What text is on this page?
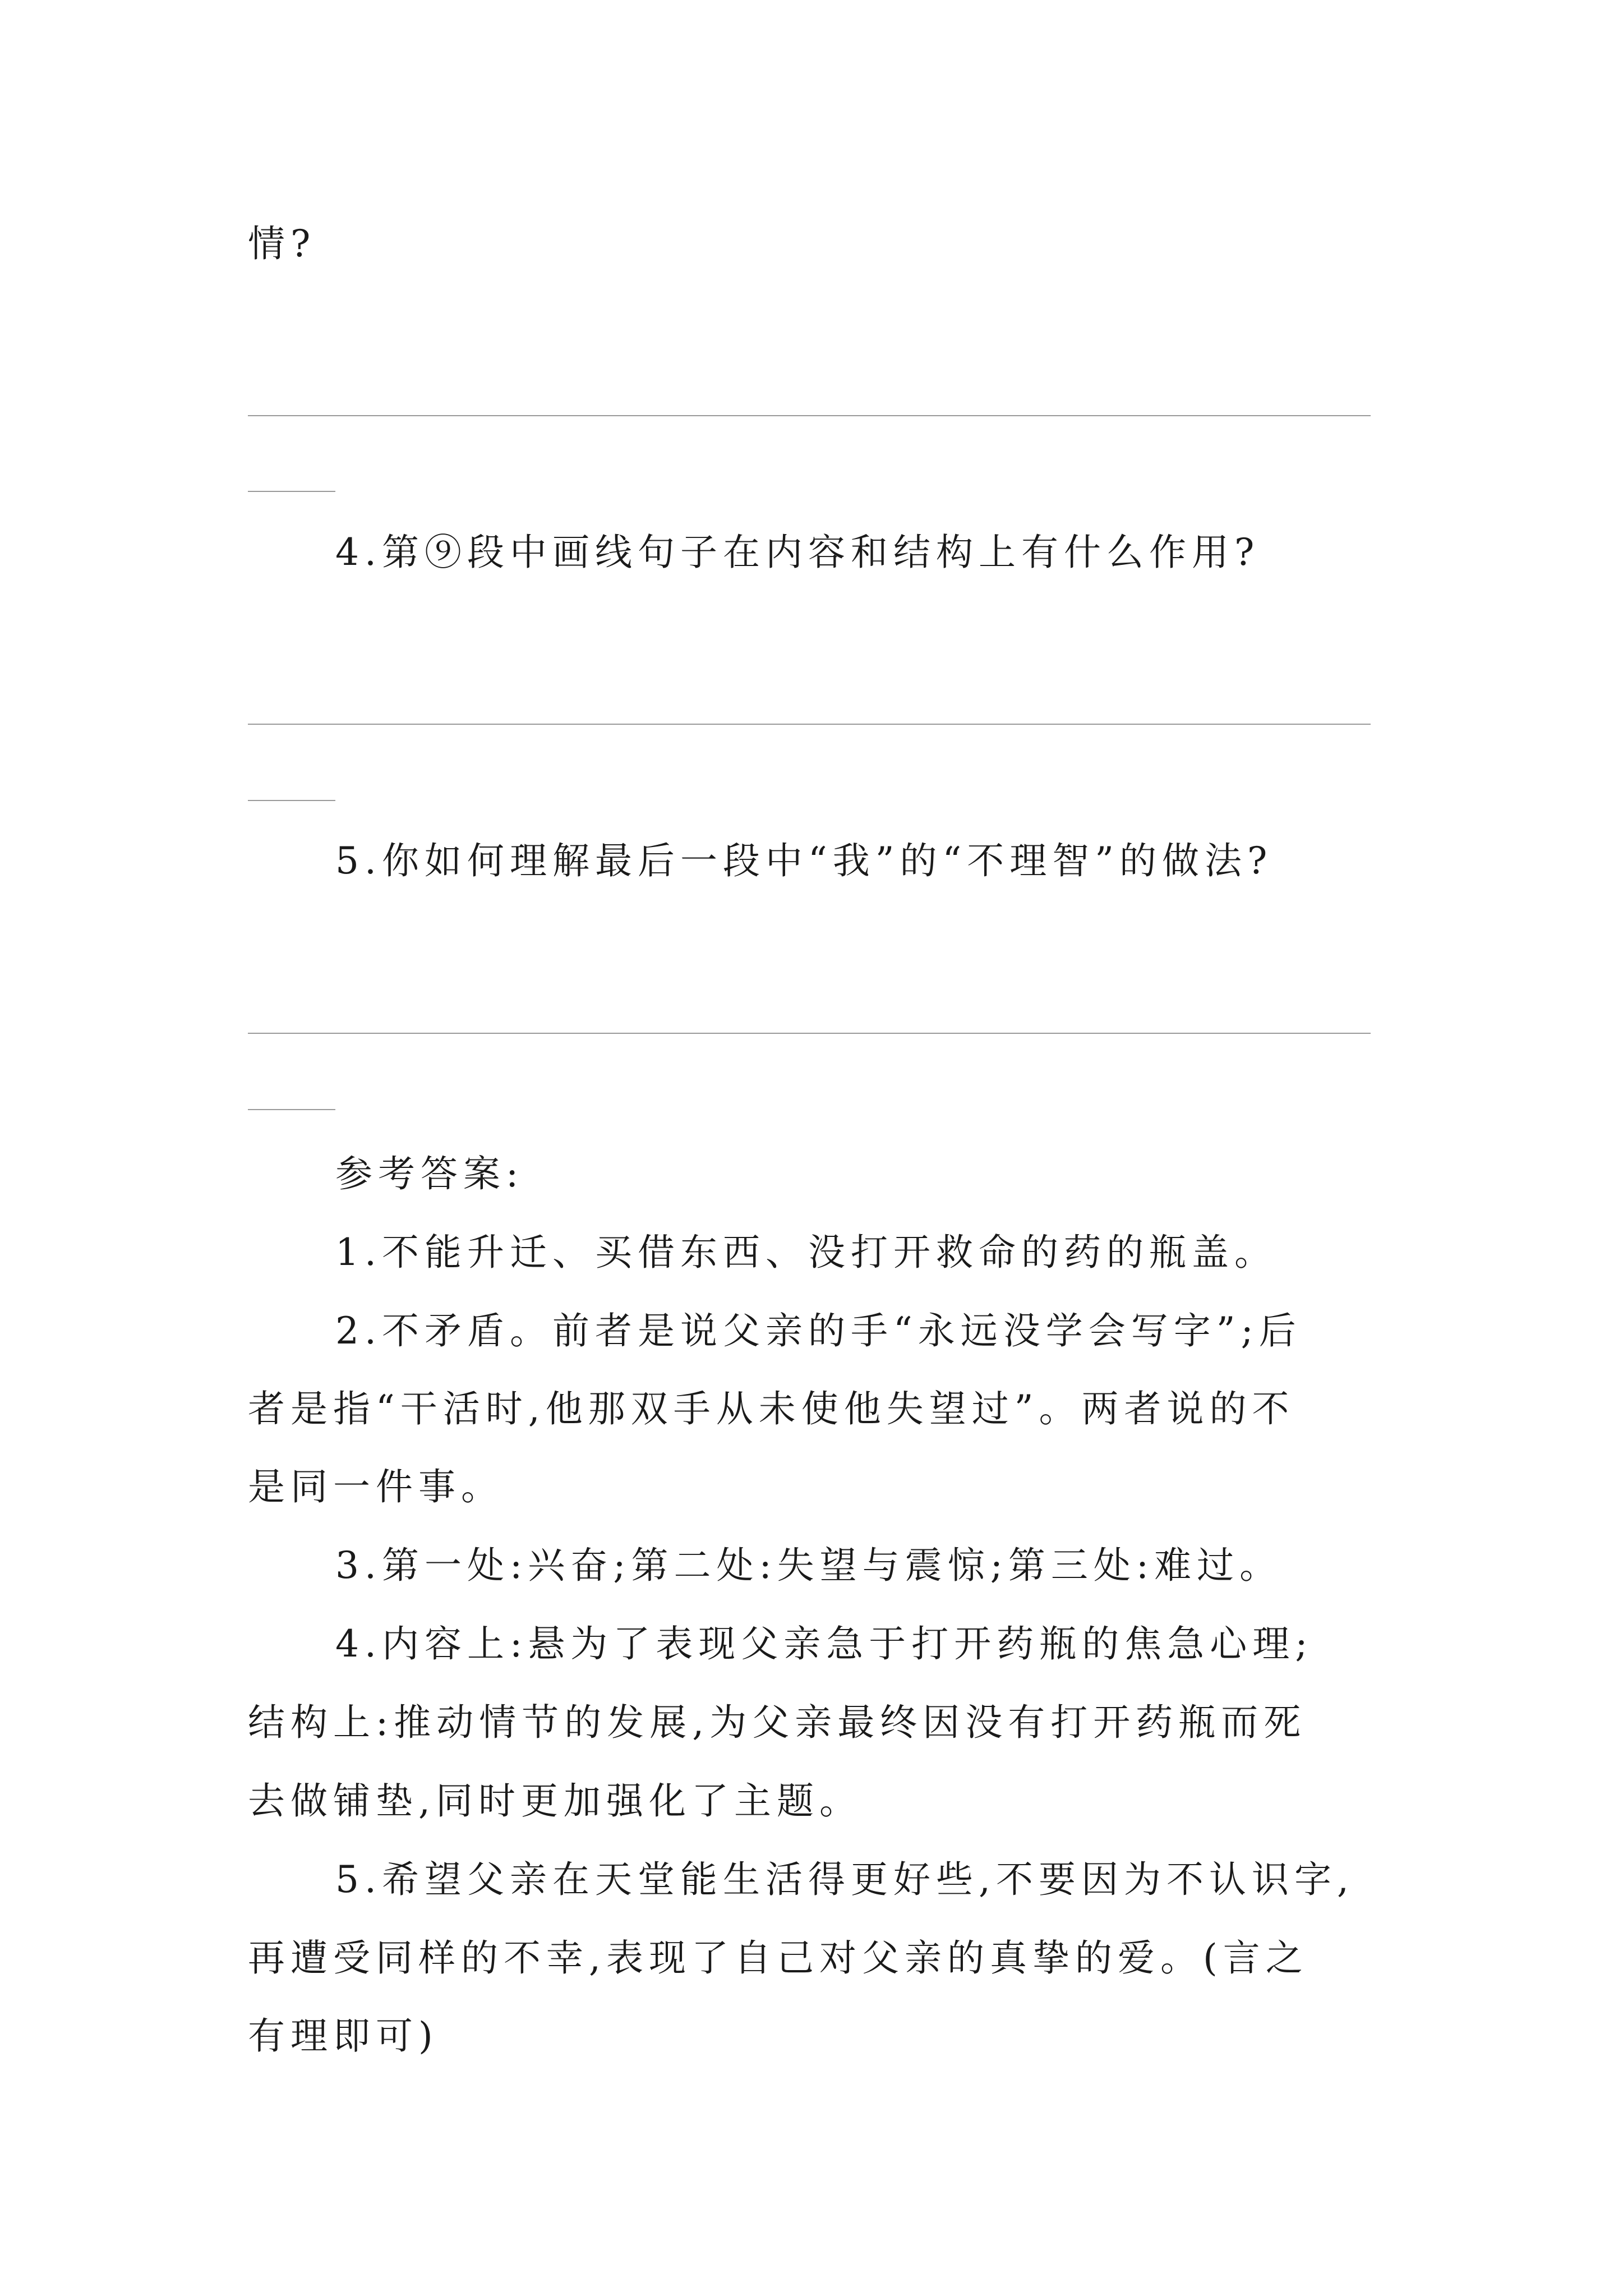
情?
4.第⑨段中画线句子在内容和结构上有什么作用?
5.你如何理解最后一段中“我”的“不理智”的做法?
参考答案:
1.不能升迁、买借东西、没打开救命的药的瓶盖。
2.不矛盾。前者是说父亲的手“永远没学会写字”;后
者是指“干活时,他那双手从未使他失望过”。两者说的不
是同一件事。
3.第一处:兴奋;第二处:失望与震惊;第三处:难过。
4.内容上:悬为了表现父亲急于打开药瓶的焦急心理;
结构上:推动情节的发展,为父亲最终因没有打开药瓶而死
去做铺垫,同时更加强化了主题。
5.希望父亲在天堂能生活得更好些,不要因为不认识字,
再遭受同样的不幸,表现了自己对父亲的真挚的爱。(言之
有理即可)
